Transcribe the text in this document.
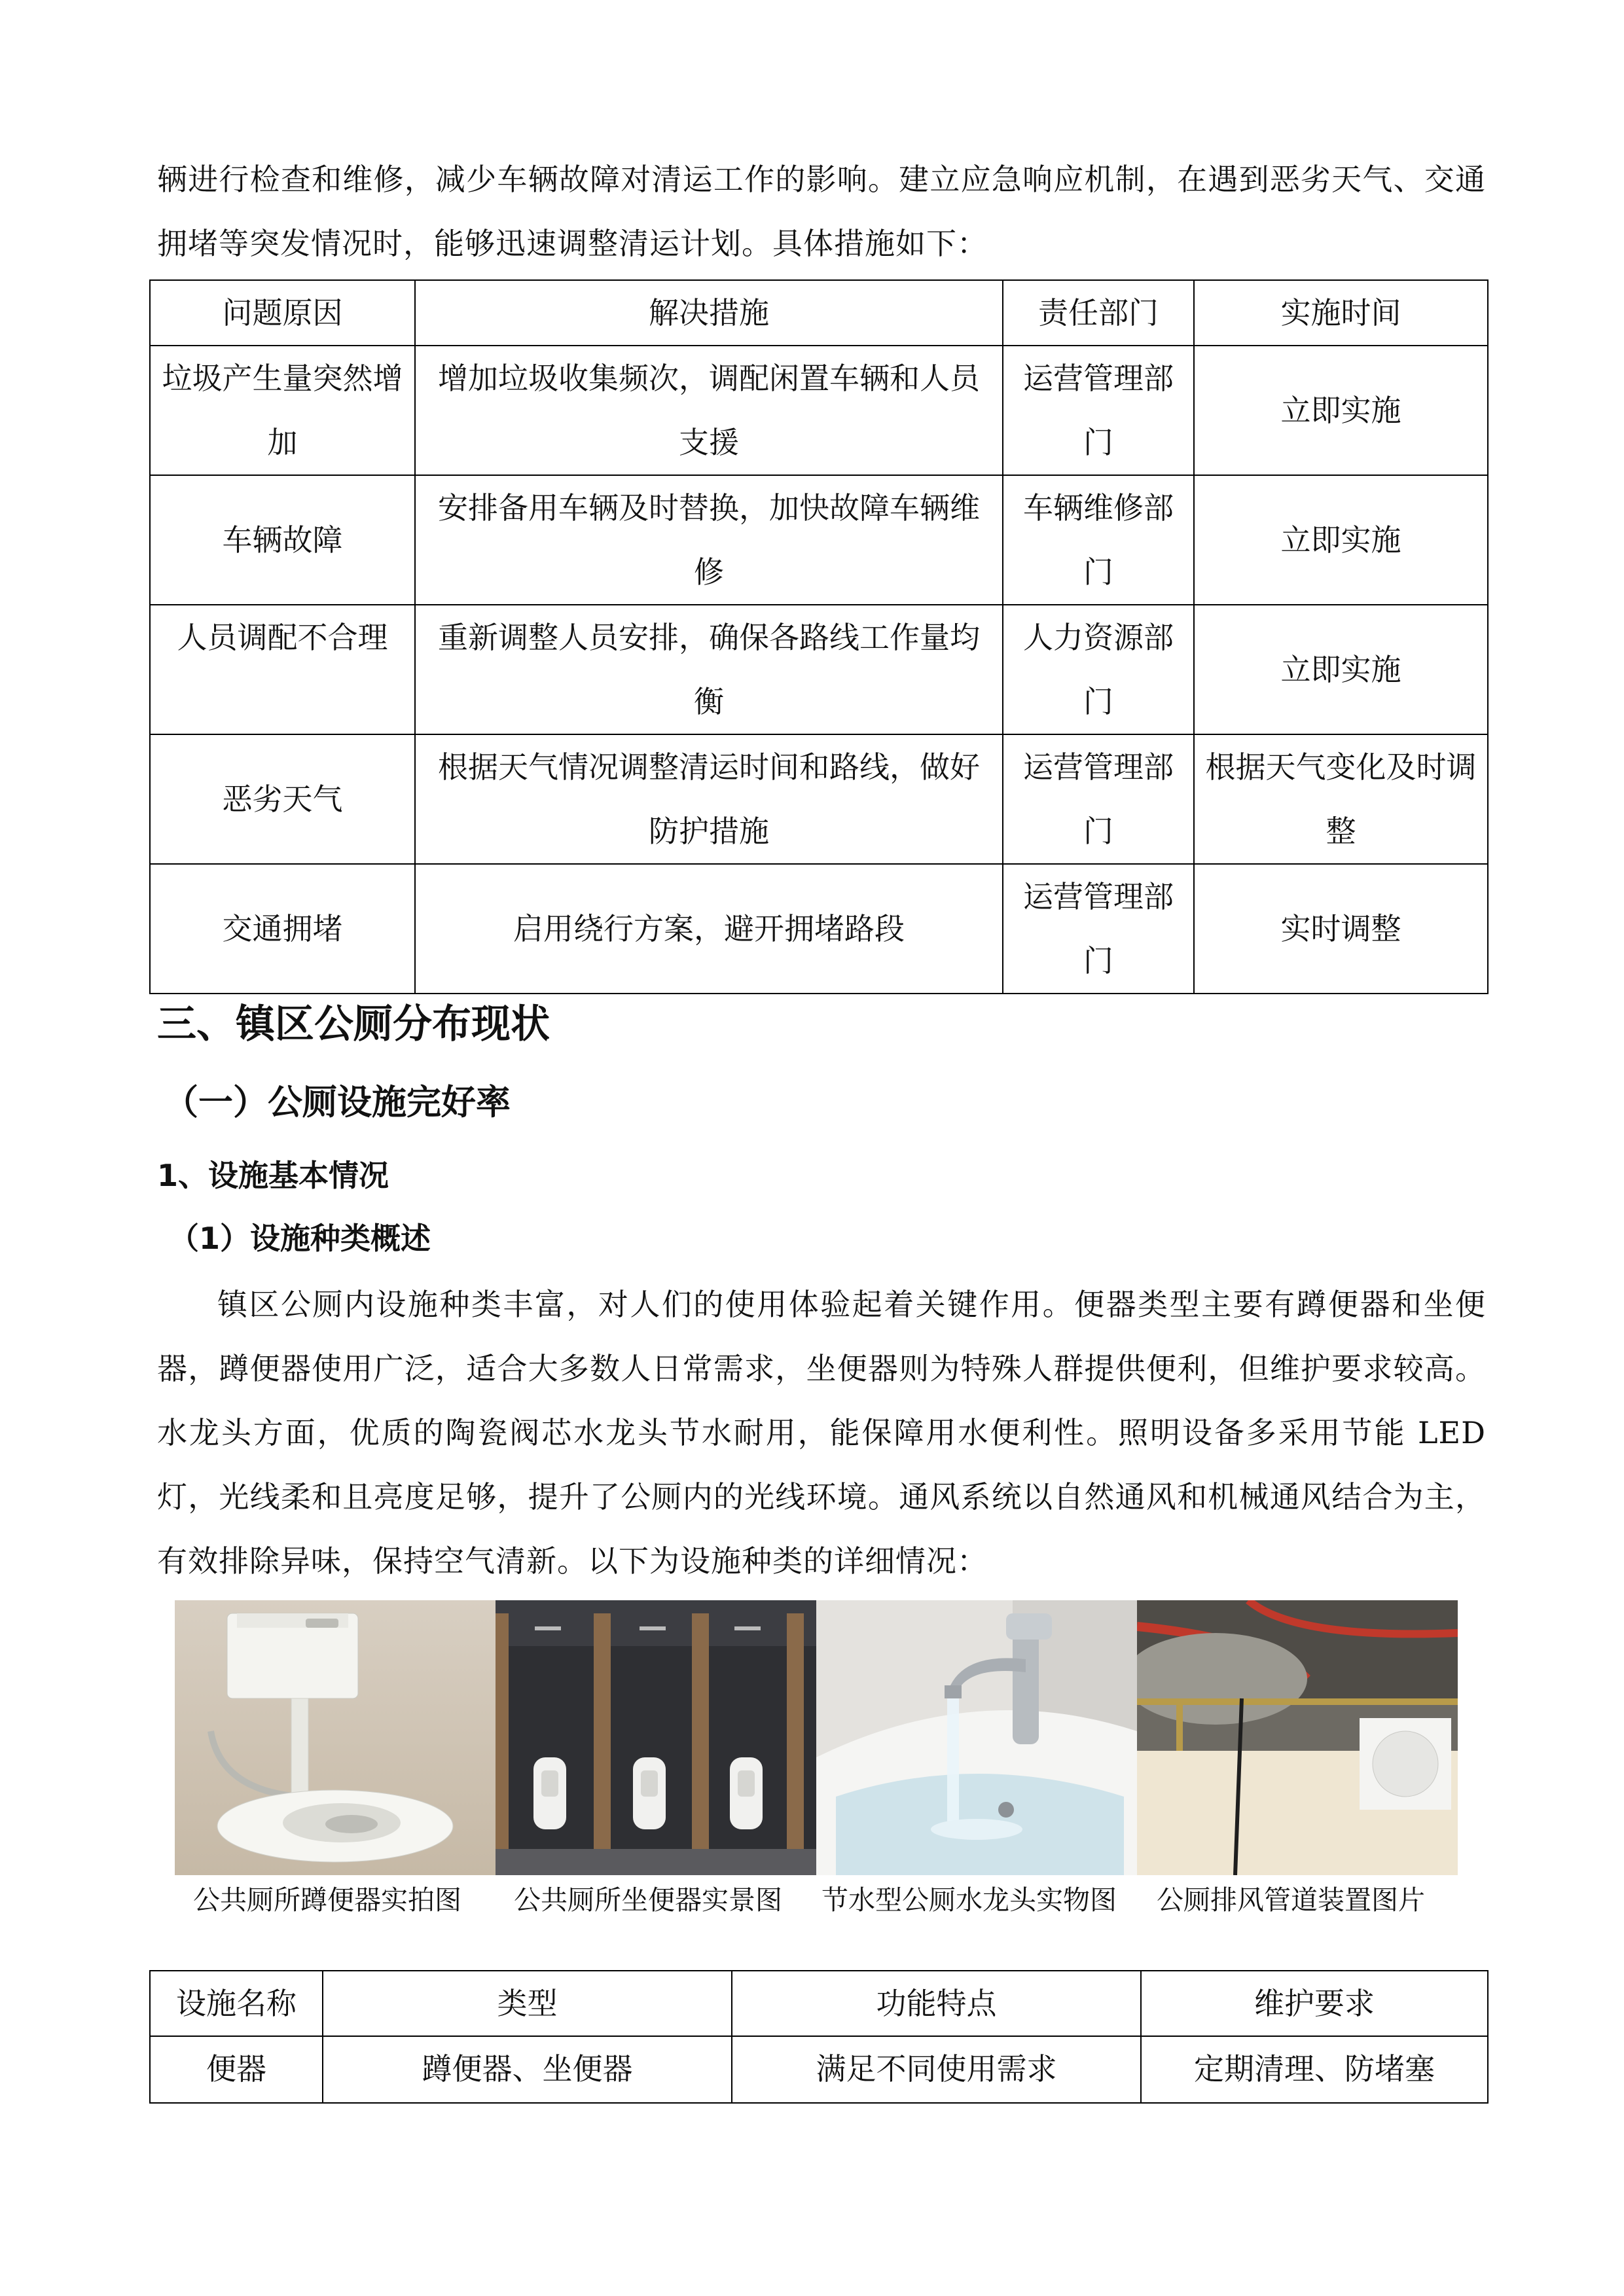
辆进行检查和维修，减少车辆故障对清运工作的影响。建立应急响应机制，在遇到恶劣天气、交通拥堵等突发情况时，能够迅速调整清运计划。具体措施如下：

问题原因	解决措施	责任部门	实施时间
垃圾产生量突然增加	增加垃圾收集频次，调配闲置车辆和人员支援	运营管理部门	立即实施
车辆故障	安排备用车辆及时替换，加快故障车辆维修	车辆维修部门	立即实施
人员调配不合理	重新调整人员安排，确保各路线工作量均衡	人力资源部门	立即实施
恶劣天气	根据天气情况调整清运时间和路线，做好防护措施	运营管理部门	根据天气变化及时调整
交通拥堵	启用绕行方案，避开拥堵路段	运营管理部门	实时调整
三、镇区公厕分布现状
（一）公厕设施完好率
1、设施基本情况
（1）设施种类概述

镇区公厕内设施种类丰富，对人们的使用体验起着关键作用。便器类型主要有蹲便器和坐便器，蹲便器使用广泛，适合大多数人日常需求，坐便器则为特殊人群提供便利，但维护要求较高。水龙头方面，优质的陶瓷阀芯水龙头节水耐用，能保障用水便利性。照明设备多采用节能 LED灯，光线柔和且亮度足够，提升了公厕内的光线环境。通风系统以自然通风和机械通风结合为主，有效排除异味，保持空气清新。以下为设施种类的详细情况：

公共厕所蹲便器实拍图 公共厕所坐便器实景图 节水型公厕水龙头实物图 公厕排风管道装置图片
设施名称	类型	功能特点	维护要求
便器	蹲便器、坐便器	满足不同使用需求	定期清理、防堵塞
